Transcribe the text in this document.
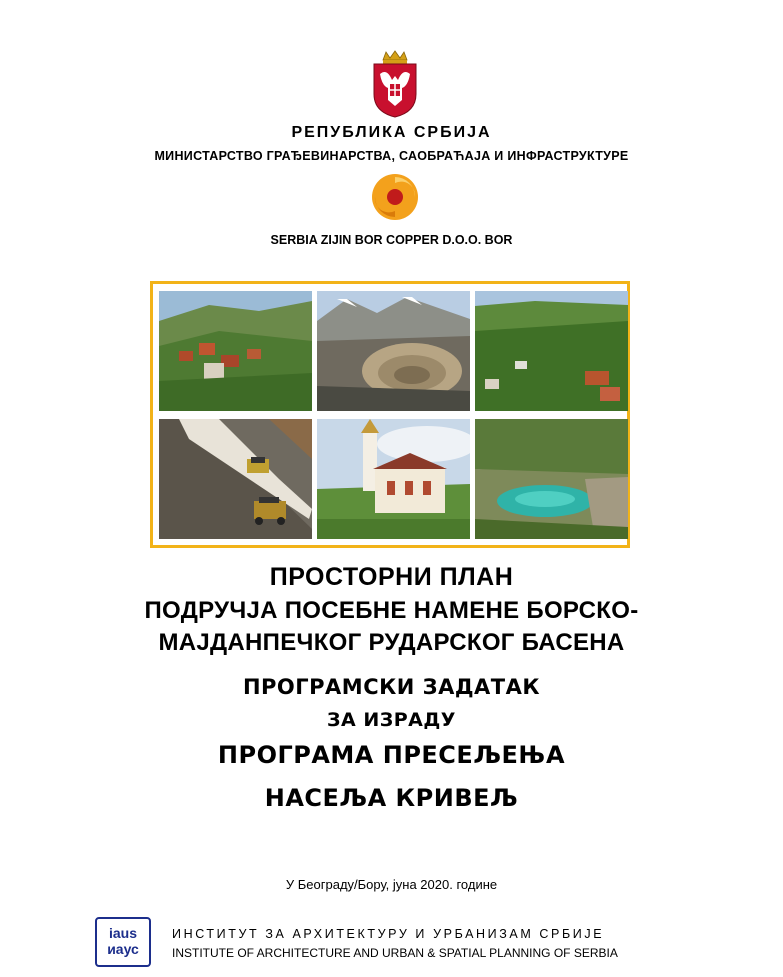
РЕПУБЛИКА СРБИЈА
МИНИСТАРСТВО ГРАЂЕВИНАРСТВА, САОБРАЋАЈА И ИНФРАСТРУКТУРЕ
SERBIA ZIJIN BOR COPPER D.O.O. BOR
ПРОСТОРНИ ПЛАН
ПОДРУЧЈА ПОСЕБНЕ НАМЕНЕ БОРСКО-
МАЈДАНПЕЧКОГ РУДАРСКОГ БАСЕНА
ПРОГРАМСКИ ЗАДАТАК
ЗА ИЗРАДУ
ПРОГРАМА ПРЕСЕЉЕЊА
НАСЕЉА КРИВЕЉ
У Београду/Бору, јуна 2020. године
iaus
иаус
ИНСТИТУТ ЗА АРХИТЕКТУРУ И УРБАНИЗАМ СРБИЈЕ
INSTITUTE OF ARCHITECTURE AND URBAN & SPATIAL PLANNING OF SERBIA
